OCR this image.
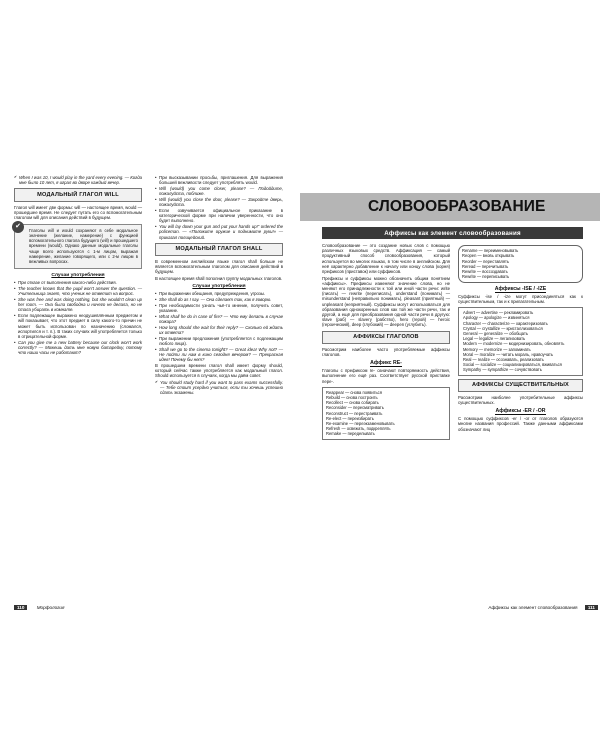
✔ When I was 10, I would play in the yard every evening. — Когда мне было 10 лет, я играл во дворе каждый вечер.
МОДАЛЬНЫЙ ГЛАГОЛ WILL

Глагол will имеет две формы: will — настоящее время, would — прошедшее время. Не следует путать его со вспомогательным глаголом will для описания действий в будущем.

✔

Глаголы will и would сохраняют в себе модальное значение (желание, намерение) с функцией вспомогательного глагола будущего (will) и прошедшего времени (would). Однако данные модальные глаголы чаще всего используются с 1-м лицом, выражая намерение, желание говорящего, или с 2-м лицом в вежливых вопросах.

Случаи употребления
• При отказе от выполнения какого-либо действия.
• The teacher knows that the pupil won’t answer the question. — Учительница знает, что ученик не ответит на вопрос.
• She was free and was doing nothing, but she wouldn’t clean up her room. — Она была свободна и ничего не делала, но не стала убирать в комнате.
• Если подлежащее выражено неодушевлённым предметом и will показывает, что этот предмет в силу какого-то причин не может быть использован по назначению (сломался, испортился и т. п.). В таких случаях will употребляется только в отрицательной форме.
• Can you give me a new battery because our clock won’t work correctly? — Можешь дать мне новую батарейку, потому что наши часы не работают?
• При высказывании просьбы, приглашения. Для выражения большей вежливости следует употреблять would.
• Will (would) you come closer, please? — Подойдите, пожалуйста, поближе.
• Will (would) you close the door, please? — Закройте дверь, пожалуйста.
• Если озвучивается официальное приказание в категорической форме при наличии уверенности, что оно будет выполнено.
• You will lay down your gun and put your hands up!” ordered the policeman. — «Положите оружие и поднимите руки!» — приказал полицейский.
МОДАЛЬНЫЙ ГЛАГОЛ SHALL

В современном английском языке глагол shall больше не является вспомогательным глаголом для описания действий в будущем.

В настоящее время shall пополнил группу модальных глаголов.

Случаи употребления
• При выражении обещания, предупреждения, угрозы.
• She shall do as I say. — Она сделает так, как я говорю.
• При необходимости узнать чьё-то мнение, получить совет, указание.
• What shall he do in case of fire? — Что ему делать в случае пожара?
• How long should she wait for their reply? — Сколько ей ждать их ответа?
• При выражении предложения (употребляется с подлежащим любого лица).
• Shall we go to the cinema tonight? — Great idea! Why not? — Не пойти ли нам в кино сегодня вечером? — Прекрасная идея! Почему бы нет?

В прошедшем времени глагол shall имеет форму should, который сейчас также употребляется как модальный глагол. Should используется в случаях, когда мы даём совет.

✔ You should study hard if you want to pass exams successfully. — Тебе стоит усердно учиться, если ты хочешь успешно сдать экзамены.
110	Морфология
СЛОВООБРАЗОВАНИЕ
Аффиксы как элемент словообразования

Словообразование — это создание новых слов с помощью различных языковых средств. Аффиксация — самый продуктивный способ словообразования, который используется во многих языках, в том числе в английском. Для неё характерно добавление к началу или концу слова (корня) префиксов (приставок) или суффиксов.

Префиксы и суффиксы можно обозначить общим понятием «аффиксы». Префиксы изменяют значение слова, но не меняют его принадлежности к той или иной части речи: write (писать) — rewrite (переписать), understand (понимать) — misunderstand (неправильно понимать), pleasant (приятный) — unpleasant (неприятный). Суффиксы могут использоваться для образования однокоренных слов как той же части речи, так и другой, а ещё для преобразования одной части речи в другую: slave (раб) — slavery (рабство), hero (герой) — heroic (героический), deep (глубокий) — deepen (углубить).

АФФИКСЫ ГЛАГОЛОВ

Рассмотрим наиболее часто употребляемые аффиксы глаголов.

Аффикс RE-

Глаголы с префиксом re- означают повторяемость действия, выполнение его ещё раз. Соответствует русской приставке пере-.

Reappear — снова появиться
Rebuild — снова построить
Recollect — снова собирать
Reconsider — пересматривать
Reconstruct — перестраивать
Re-elect — переизбирать
Re-examine — переэкзаменовывать
Refresh — освежать, подкреплять
Remake — переделывать
Rename — переименовывать
Reopen — вновь открывать
Reorder — переставлять
Reread — перечитывать
Rewrite — воссоздавать
Rewrite — переписывать
Аффиксы -ISE / -IZE

Суффиксы -ise / -ize могут присоединяться как к существительным, так и к прилагательным.

Advert — advertise — рекламировать
Apology — apologize — извиняться
Character — characterize — характеризовать
Crystal — crystallize — кристаллизоваться
General — generalize — обобщать
Legal — legalize — легализовать
Modern — modernize — модернизировать, обновлять
Memory — memorize — запоминать
Moral — moralize — читать мораль, нравоучать
Real — realize — осознавать, реализовать
Social — socialize — социализироваться, вживаться
Sympathy — sympathize — сочувствовать
АФФИКСЫ СУЩЕСТВИТЕЛЬНЫХ

Рассмотрим наиболее употребительные аффиксы существительных.

Аффиксы -ER / -OR

С помощью суффиксов -er / -or от глаголов образуются многие названия профессий. Также данными аффиксами обозначают лиц

Аффиксы как элемент словообразования 111
